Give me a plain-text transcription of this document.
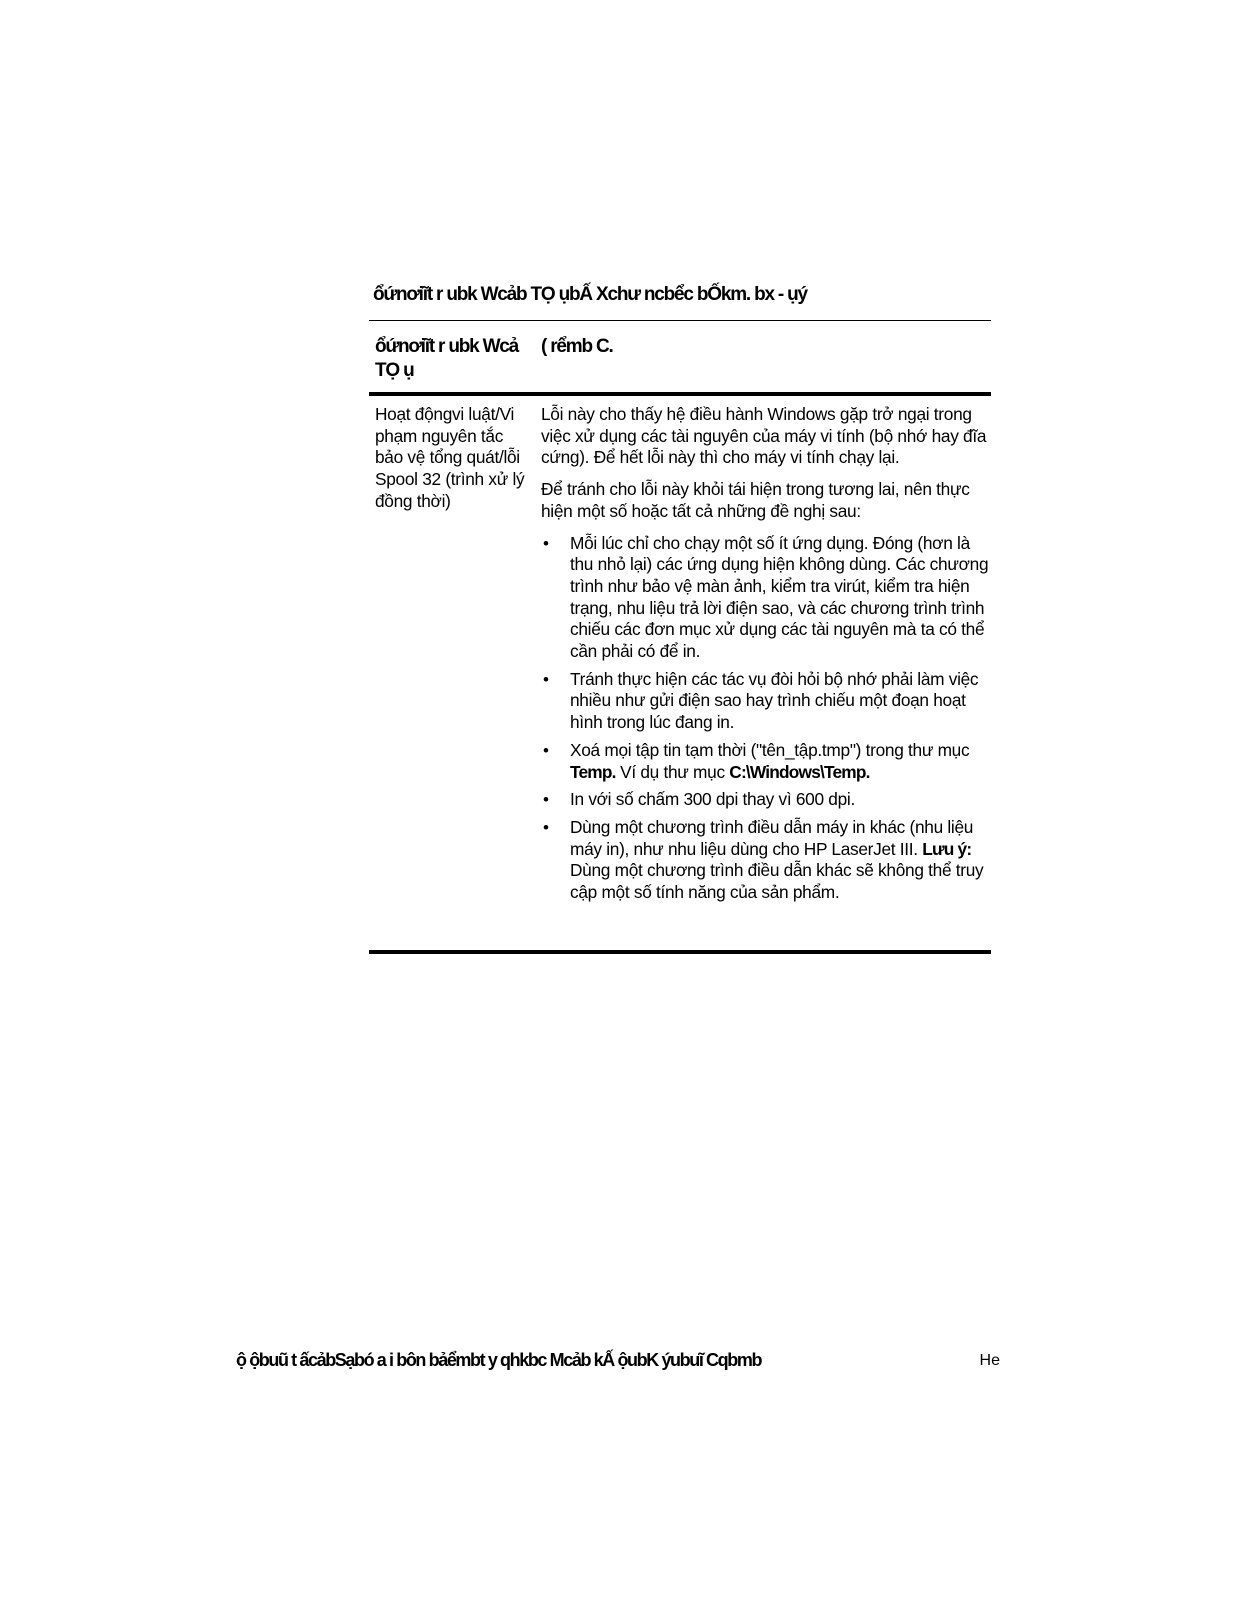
ổứnơiĩt r ubk Wcảb TỌ ụbẤ Xchư ncbểc bỐkm. bx - ụý
ổứnơiĩt r ubk Wcả TỌ ụ
( rểmb C.
Hoạt độngvi luật/Vi phạm nguyên tắc bảo vệ tổng quát/lỗi Spool 32 (trình xử lý đồng thời)

Lỗi này cho thấy hệ điều hành Windows gặp trở ngại trong việc xử dụng các tài nguyên của máy vi tính (bộ nhớ hay đĩa cứng). Để hết lỗi này thì cho máy vi tính chạy lại.

Để tránh cho lỗi này khỏi tái hiện trong tương lai, nên thực hiện một số hoặc tất cả những đề nghị sau:

• Mỗi lúc chỉ cho chạy một số ít ứng dụng. Đóng (hơn là thu nhỏ lại) các ứng dụng hiện không dùng. Các chương trình như bảo vệ màn ảnh, kiểm tra virút, kiểm tra hiện trạng, nhu liệu trả lời điện sao, và các chương trình trình chiếu các đơn mục xử dụng các tài nguyên mà ta có thể cần phải có để in.
• Tránh thực hiện các tác vụ đòi hỏi bộ nhớ phải làm việc nhiều như gửi điện sao hay trình chiếu một đoạn hoạt hình trong lúc đang in.
• Xoá mọi tập tin tạm thời ("tên_tập.tmp") trong thư mục Temp. Ví dụ thư mục C:\Windows\Temp.
• In với số chấm 300 dpi thay vì 600 dpi.
• Dùng một chương trình điều dẫn máy in khác (nhu liệu máy in), như nhu liệu dùng cho HP LaserJet III. Lưu ý: Dùng một chương trình điều dẫn khác sẽ không thể truy cập một số tính năng của sản phẩm.
ộ ộbuũ t ấcảbSạbó a i bôn bảểmbt y qhkbc Mcảb kẤ ộubK ýubuĩ Cqbmb	He
